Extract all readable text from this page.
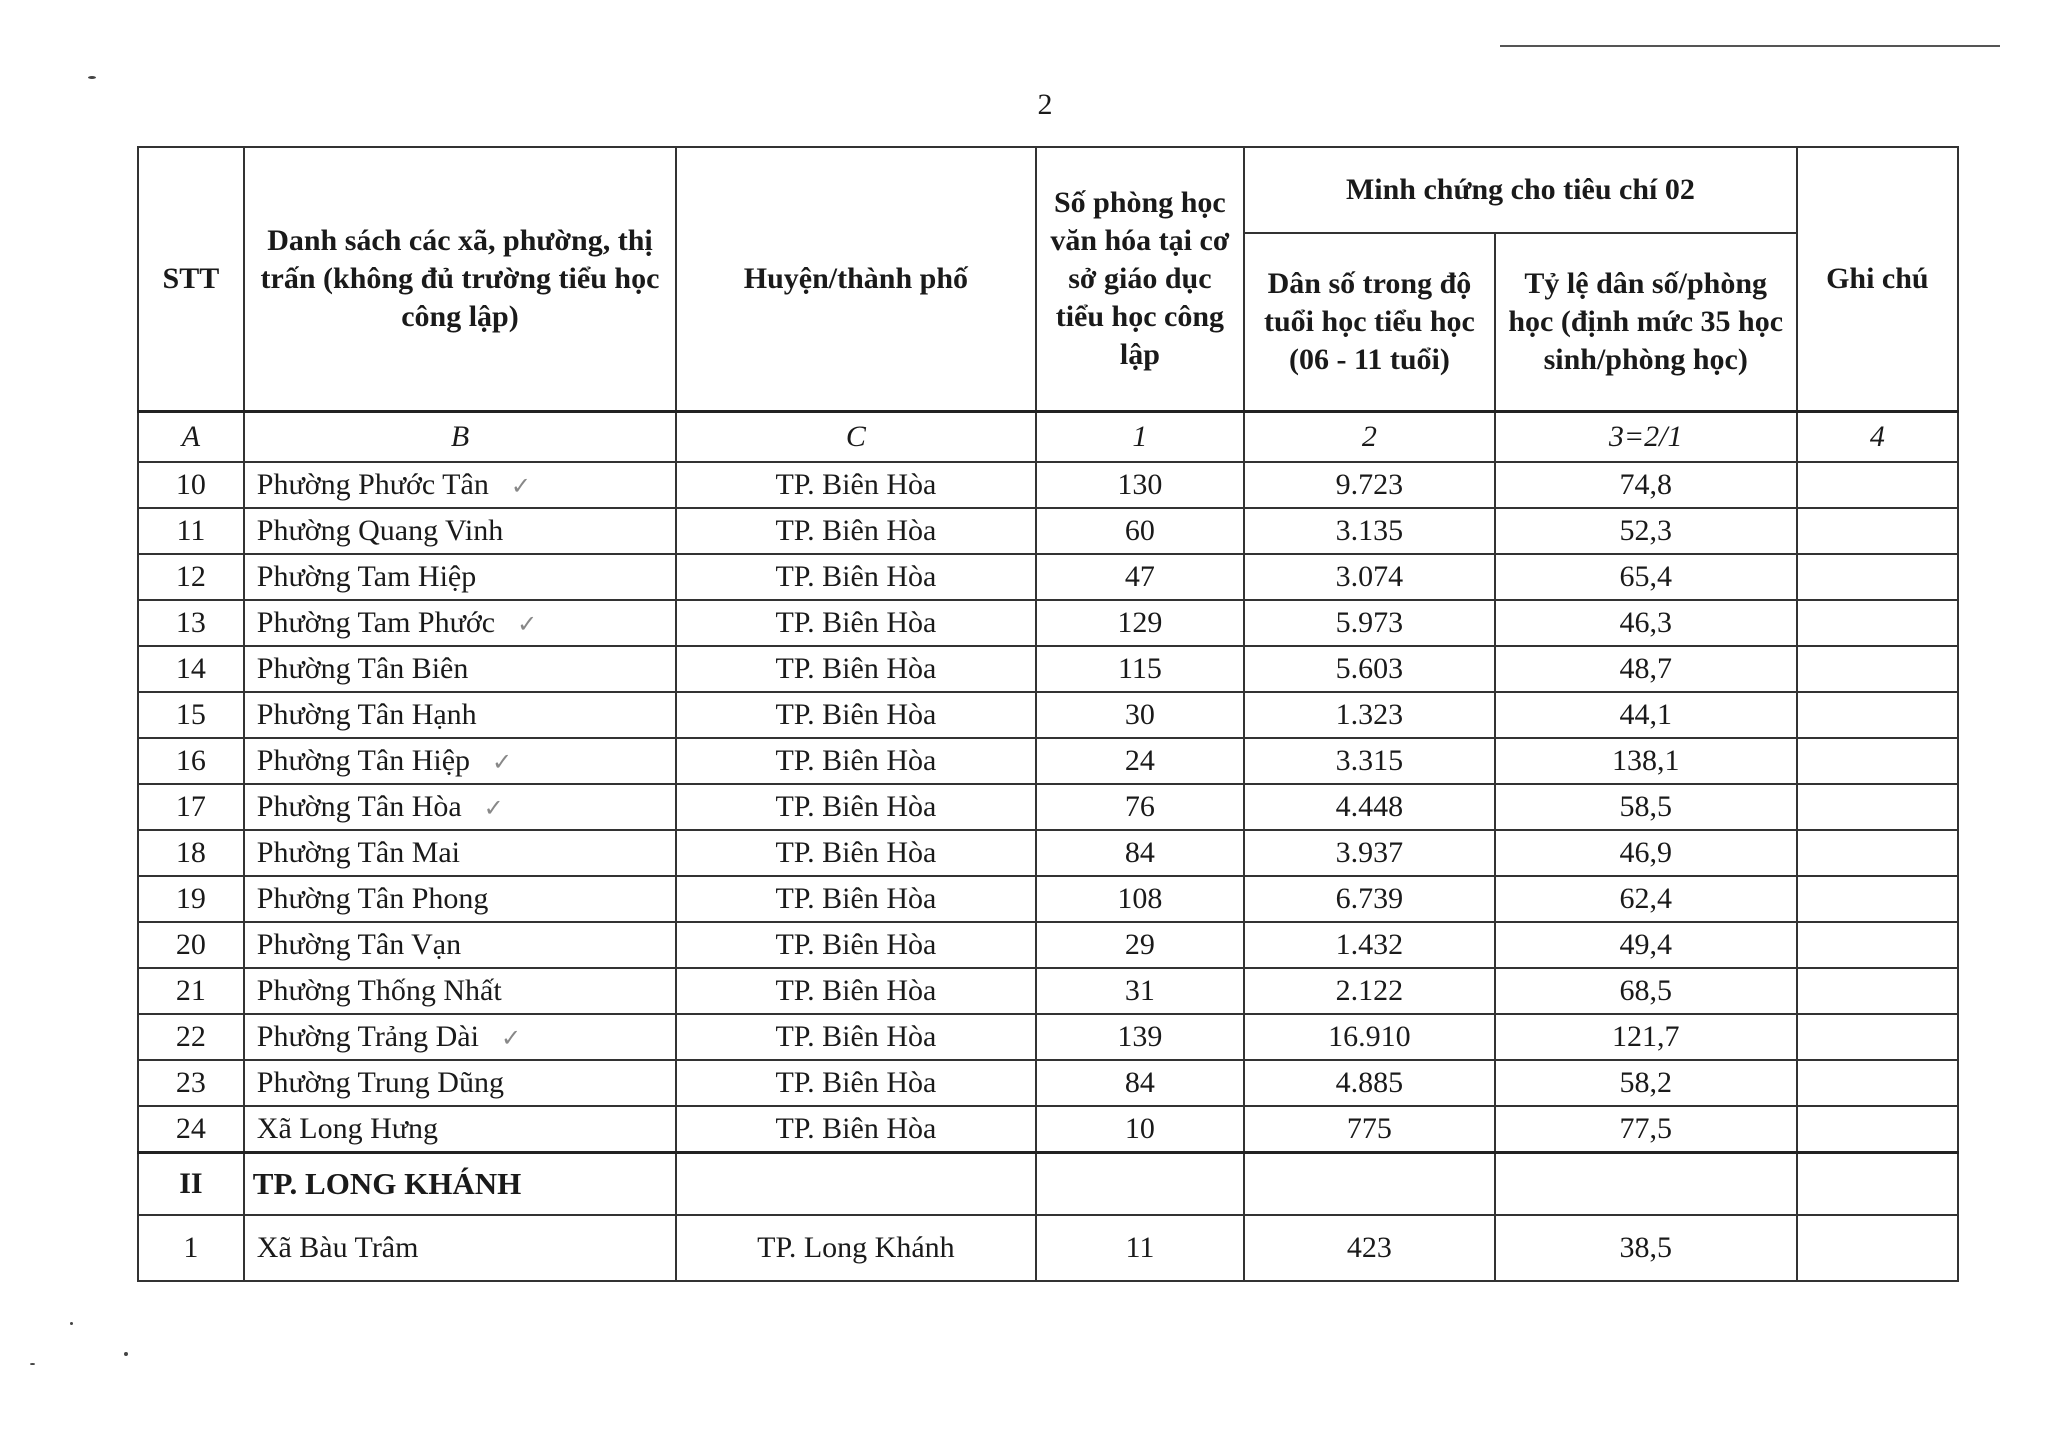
2
STT	Danh sách các xã, phường, thị trấn (không đủ trường tiểu học công lập)	Huyện/thành phố	Số phòng học văn hóa tại cơ sở giáo dục tiểu học công lập	Minh chứng cho tiêu chí 02		Ghi chú
				Dân số trong độ tuổi học tiểu học (06 - 11 tuổi)	Tỷ lệ dân số/phòng học (định mức 35 học sinh/phòng học)	
A	B	C	1	2	3=2/1	4
10	Phường Phước Tân ✓	TP. Biên Hòa	130	9.723	74,8	
11	Phường Quang Vinh	TP. Biên Hòa	60	3.135	52,3	
12	Phường Tam Hiệp	TP. Biên Hòa	47	3.074	65,4	
13	Phường Tam Phước ✓	TP. Biên Hòa	129	5.973	46,3	
14	Phường Tân Biên	TP. Biên Hòa	115	5.603	48,7	
15	Phường Tân Hạnh	TP. Biên Hòa	30	1.323	44,1	
16	Phường Tân Hiệp ✓	TP. Biên Hòa	24	3.315	138,1	
17	Phường Tân Hòa ✓	TP. Biên Hòa	76	4.448	58,5	
18	Phường Tân Mai	TP. Biên Hòa	84	3.937	46,9	
19	Phường Tân Phong	TP. Biên Hòa	108	6.739	62,4	
20	Phường Tân Vạn	TP. Biên Hòa	29	1.432	49,4	
21	Phường Thống Nhất	TP. Biên Hòa	31	2.122	68,5	
22	Phường Trảng Dài ✓	TP. Biên Hòa	139	16.910	121,7	
23	Phường Trung Dũng	TP. Biên Hòa	84	4.885	58,2	
24	Xã Long Hưng	TP. Biên Hòa	10	775	77,5	
II	TP. LONG KHÁNH					
1	Xã Bàu Trâm	TP. Long Khánh	11	423	38,5	
